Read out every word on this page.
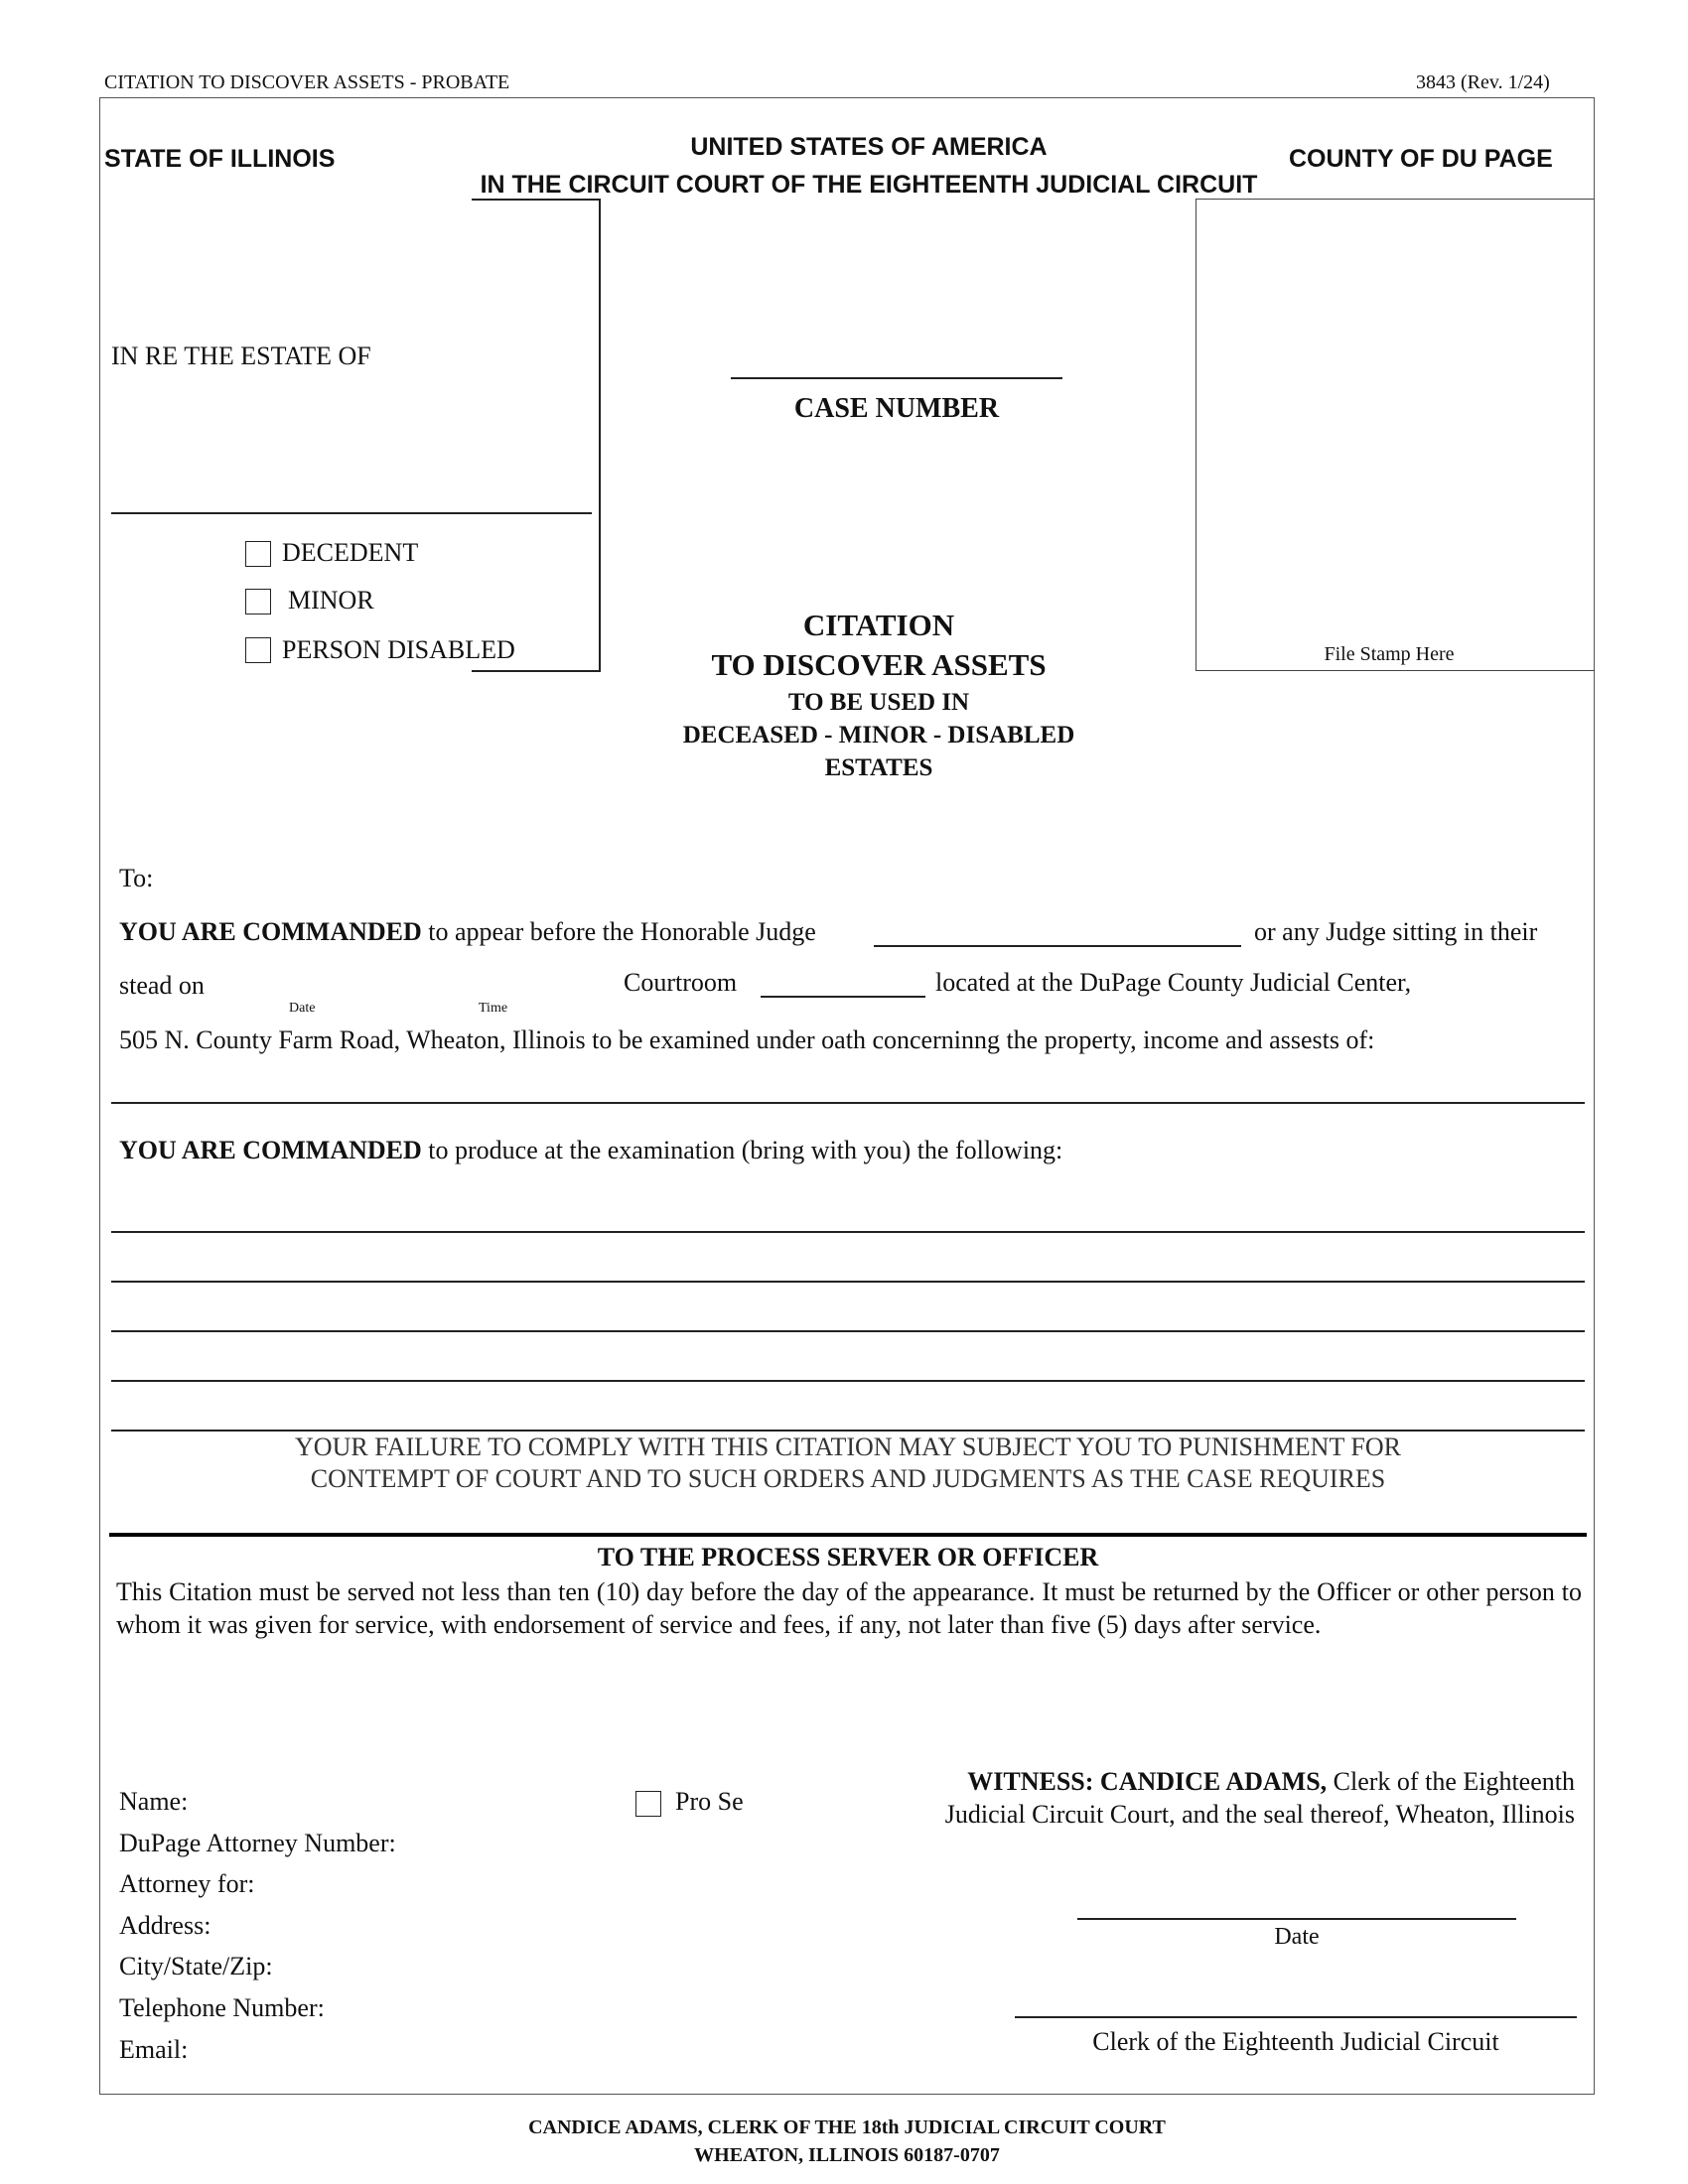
CITATION TO DISCOVER ASSETS - PROBATE	3843 (Rev. 1/24)
STATE OF ILLINOIS	UNITED STATES OF AMERICA
IN THE CIRCUIT COURT OF THE EIGHTEENTH JUDICIAL CIRCUIT
COUNTY OF DU PAGE
IN RE THE ESTATE OF
DECEDENT
MINOR
PERSON DISABLED
CASE NUMBER
File Stamp Here
CITATION
TO DISCOVER ASSETS
TO BE USED IN
DECEASED - MINOR - DISABLED
ESTATES
To:
YOU ARE COMMANDED to appear before the Honorable Judge	or any Judge sitting in their
stead on
Date	Time
Courtroom	located at the DuPage County Judicial Center,
505 N. County Farm Road, Wheaton, Illinois to be examined under oath concerninng the property, income and assests of:
YOU ARE COMMANDED to produce at the examination (bring with you) the following:
YOUR FAILURE TO COMPLY WITH THIS CITATION MAY SUBJECT YOU TO PUNISHMENT FOR
CONTEMPT OF COURT AND TO SUCH ORDERS AND JUDGMENTS AS THE CASE REQUIRES
TO THE PROCESS SERVER OR OFFICER
This Citation must be served not less than ten (10) day before the day of the appearance. It must be returned by the Officer or other person to whom it was given for service, with endorsement of service and fees, if any, not later than five (5) days after service.
Name:
DuPage Attorney Number:
Attorney for:
Address:
City/State/Zip:
Telephone Number:
Email:
Pro Se
WITNESS: CANDICE ADAMS, Clerk of the Eighteenth
Judicial Circuit Court, and the seal thereof, Wheaton, Illinois
Date
Clerk of the Eighteenth Judicial Circuit
CANDICE ADAMS, CLERK OF THE 18th JUDICIAL CIRCUIT COURT
WHEATON, ILLINOIS 60187-0707
